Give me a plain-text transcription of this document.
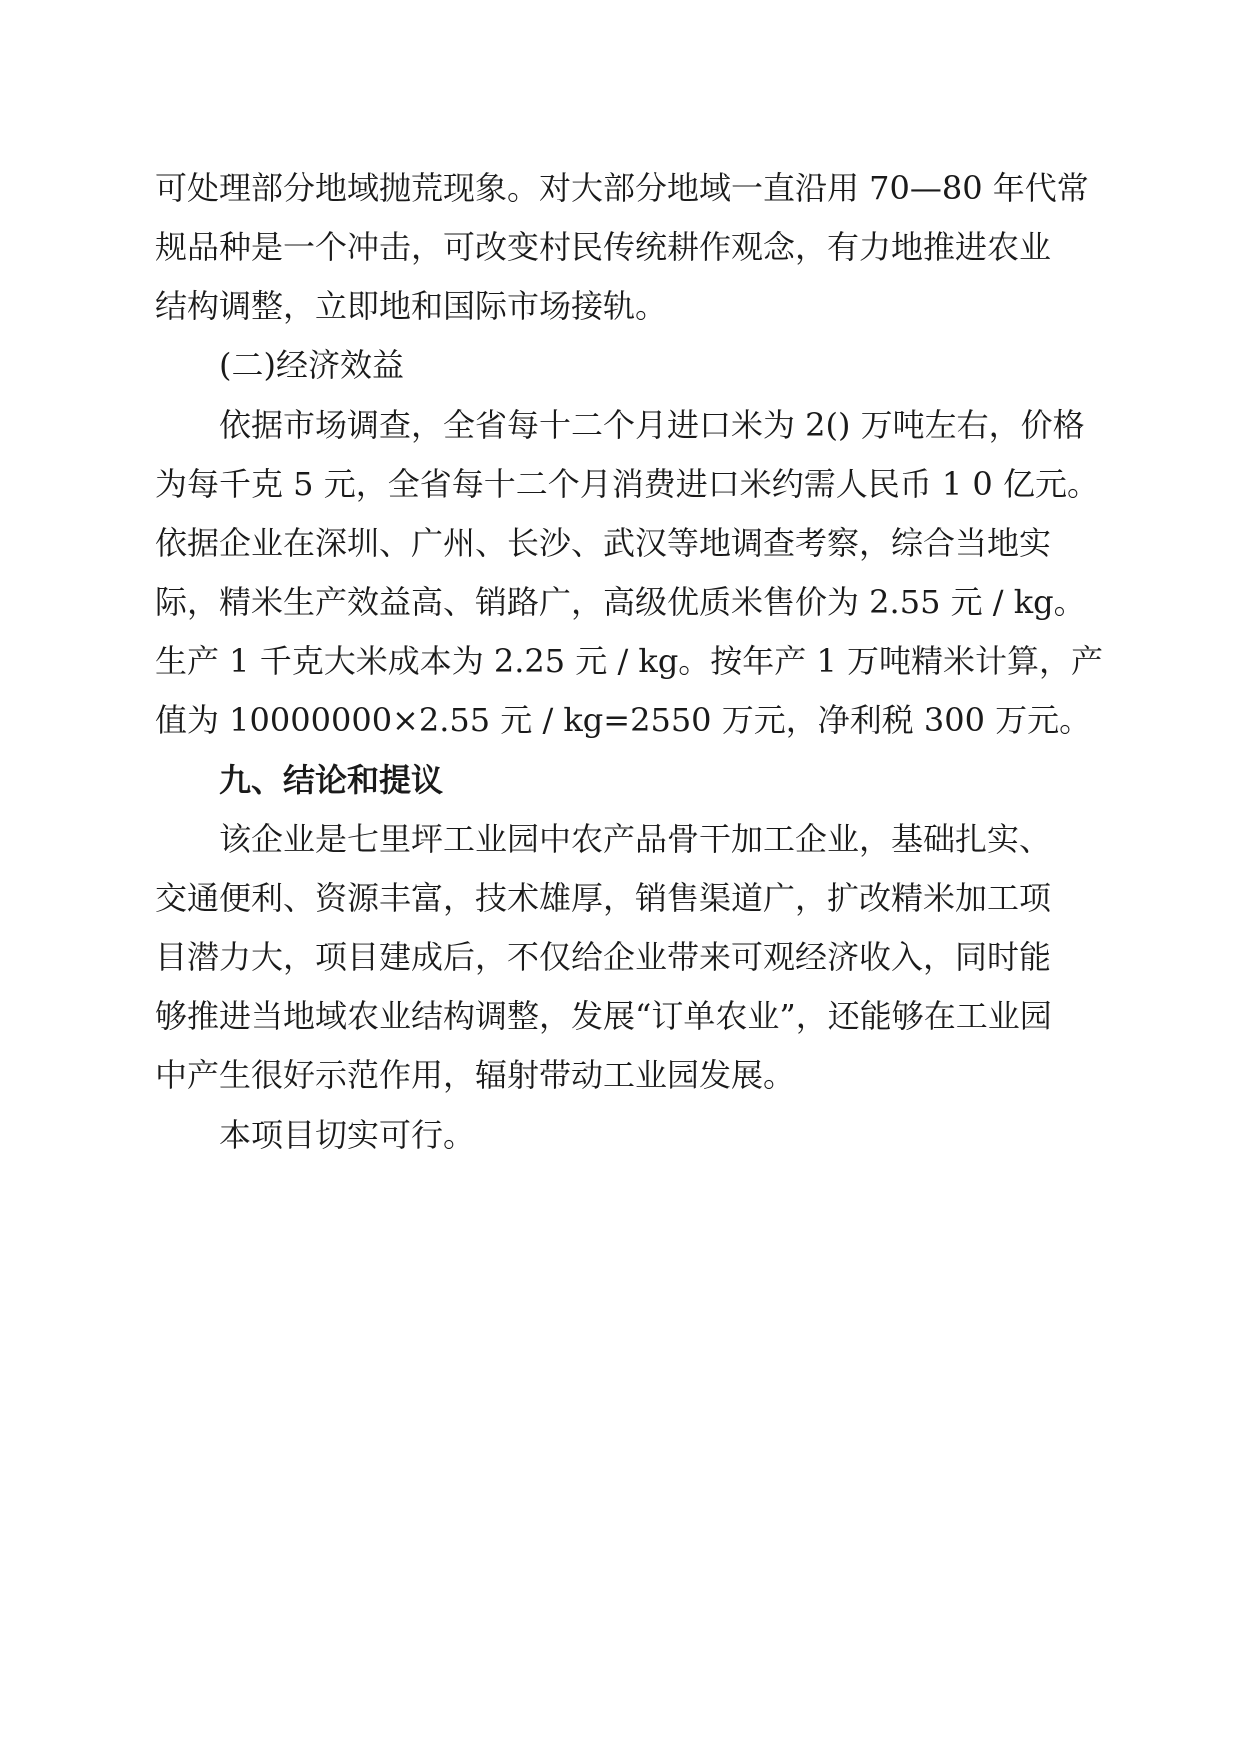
可处理部分地域抛荒现象。对大部分地域一直沿用 70—80 年代常
规品种是一个冲击，可改变村民传统耕作观念，有力地推进农业
结构调整，立即地和国际市场接轨。
(二)经济效益
依据市场调查，全省每十二个月进口米为 2() 万吨左右，价格
为每千克 5 元，全省每十二个月消费进口米约需人民币 1 0 亿元。
依据企业在深圳、广州、长沙、武汉等地调查考察，综合当地实
际，精米生产效益高、销路广，高级优质米售价为 2.55 元 / kg。
生产 1 千克大米成本为 2.25 元 / kg。按年产 1 万吨精米计算，产
值为 10000000×2.55 元 / kg=2550 万元，净利税 300 万元。
九、结论和提议
该企业是七里坪工业园中农产品骨干加工企业，基础扎实、
交通便利、资源丰富，技术雄厚，销售渠道广，扩改精米加工项
目潜力大，项目建成后，不仅给企业带来可观经济收入，同时能
够推进当地域农业结构调整，发展“订单农业”，还能够在工业园
中产生很好示范作用，辐射带动工业园发展。
本项目切实可行。
